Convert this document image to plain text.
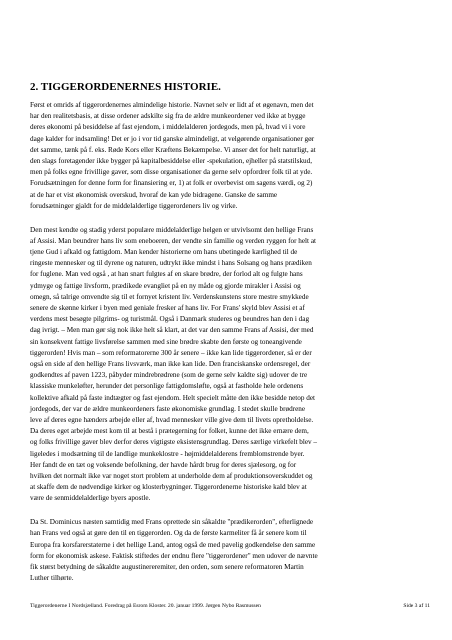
2. TIGGERORDENERNES HISTORIE.

Først et omrids af tiggerordenernes almindelige historie. Navnet selv er lidt af et øgenavn, men det
har den realitetsbasis, at disse ordener adskilte sig fra de ældre munkeordener ved ikke at bygge
deres økonomi på besiddelse af fast ejendom, i middelalderen jordegods, men på, hvad vi i vore
dage kalder for indsamling! Det er jo i vor tid ganske almindeligt, at velgørende organisationer gør
det samme, tænk på f. eks. Røde Kors eller Kræftens Bekæmpelse. Vi anser det for helt naturligt, at
den slags foretagender ikke bygger på kapitalbesiddelse eller -spekulation, ejheller på statstilskud,
men på folks egne frivillige gaver, som disse organisationer da gerne selv opfordrer folk til at yde.
Forudsætningen for denne form for finansiering er, 1) at folk er overbevist om sagens værdi, og 2)
at de har et vist økonomisk overskud, hvoraf de kan yde bidragene. Ganske de samme
forudsætninger gjaldt for de middelalderlige tiggerordeners liv og virke.

Den mest kendte og stadig yderst populære middelalderlige helgen er utvivlsomt den hellige Frans
af Assisi. Man beundrer hans liv som eneboeren, der vendte sin familie og verden ryggen for helt at
tjene Gud i afkald og fattigdom. Man kender historierne om hans ubetingede kærlighed til de
ringeste mennesker og til dyrene og naturen, udtrykt ikke mindst i hans Solsang og hans prædiken
for fuglene. Man ved også , at han snart fulgtes af en skare brødre, der forlod alt og fulgte hans
ydmyge og fattige livsform, prædikede evangliet på en ny måde og gjorde mirakler i Assisi og
omegn, så talrige omvendte sig til et fornyet kristent liv. Verdenskunstens store mestre smykkede
senere de skønne kirker i byen med geniale fresker af hans liv. For Frans' skyld blev Assisi et af
verdens mest besøgte pilgrims- og turistmål. Også i Danmark studeres og beundres han den i dag
dag ivrigt. – Men man gør sig nok ikke helt så klart, at det var den samme Frans af Assisi, der med
sin konsekvent fattige livsførelse sammen med sine brødre skabte den første og toneangivende
tiggerorden! Hvis man – som reformatorerne 300 år senere – ikke kan lide tiggerordener, så er der
også en side af den hellige Frans livsværk, man ikke kan lide. Den franciskanske ordensregel, der
godkendtes af paven 1223, påbyder mindrebrødrene (som de gerne selv kaldte sig) udover de tre
klassiske munkeløfter, herunder det personlige fattigdomsløfte, også at fastholde hele ordenens
kollektive afkald på faste indtægter og fast ejendom. Helt specielt måtte den ikke besidde netop det
jordegods, der var de ældre munkeordeners faste økonomiske grundlag. I stedet skulle brødrene
leve af deres egne hænders arbejde eller af, hvad mennesker ville give dem til livets opretholdelse.
Da deres eget arbejde mest kom til at bestå i prætegerning for folket, kunne det ikke ernære dem,
og folks frivillige gaver blev derfor deres vigtigste eksistensgrundlag. Deres særlige virkefelt blev –
ligeledes i modsætning til de landlige munkeklostre - højmiddelalderens fremblomstrende byer.
Her fandt de en tæt og voksende befolkning, der havde hårdt brug for deres sjælesorg, og for
hvilken det normalt ikke var noget stort problem at underholde dem af produktionsoverskuddet og
at skaffe dem de nødvendige kirker og klosterbygninger. Tiggerordenerne historiske kald blev at
være de senmiddelalderlige byers apostle.

Da St. Dominicus næsten samtidig med Frans oprettede sin såkaldte "prædikerorden", efterlignede
han Frans ved også at gøre den til en tiggerorden. Og da de første karmeliter få år senere kom til
Europa fra korsfarerstaterne i det hellige Land, antog også de med pavelig godkendelse den samme
form for økonomisk askese. Faktisk stiftedes der endnu flere "tiggerordener" men udover de nævnte
fik størst betydning de såkaldte augustinereremiter, den orden, som senere reformatoren Martin
Luther tilhørte.

Tiggerordenerne I Nordsjælland. Foredrag på Esrom Kloster. 20. januar 1999. Jørgen Nybo Rasmussen	Side 3 af 11
